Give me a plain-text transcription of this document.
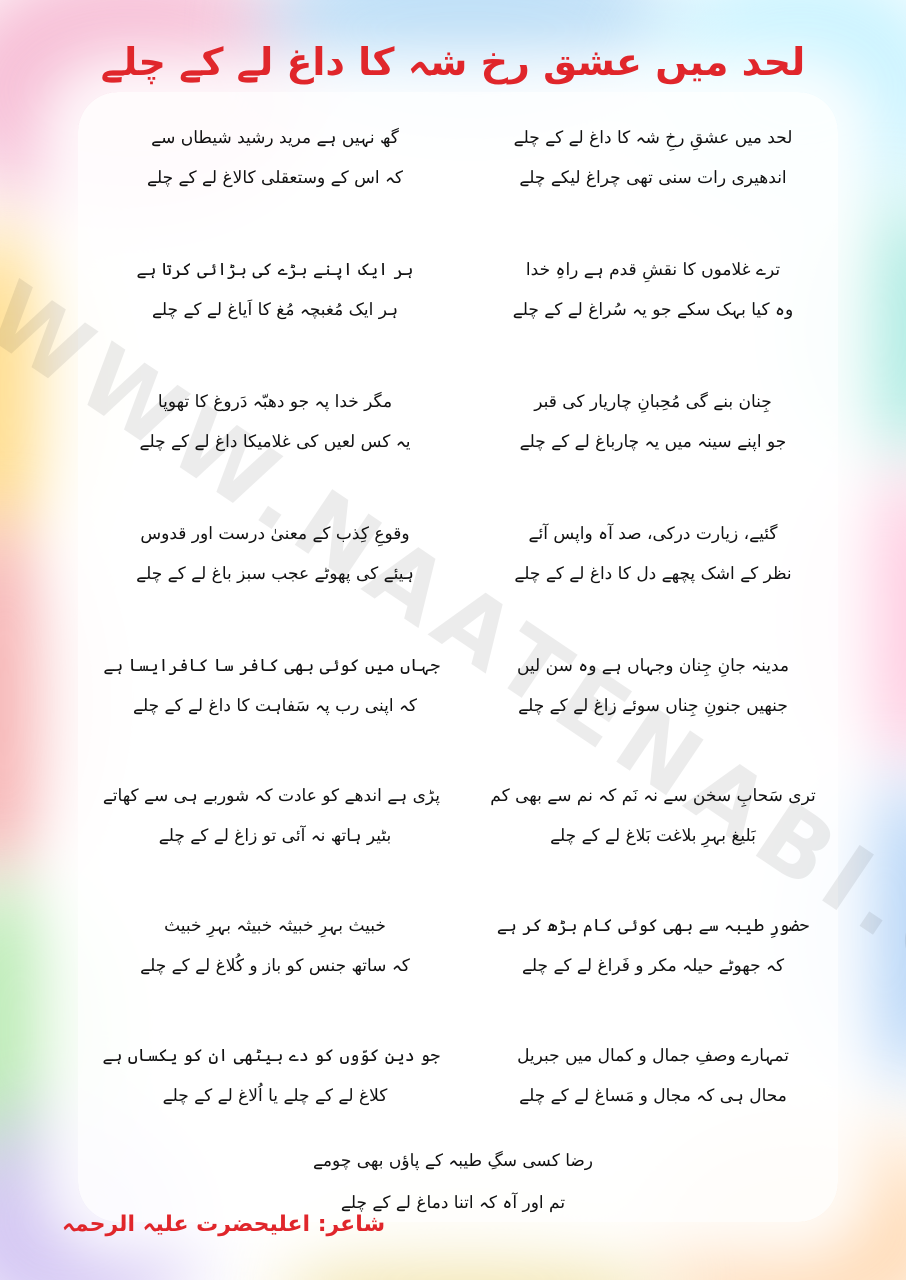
لحد میں عشق رخ شہ کا داغ لے کے چلے
لحد میں عشقِ رخِ شہ کا داغ لے کے چلے
اندھیری رات سنی تھی چراغ لیکے چلے
گھ نہیں ہے مرید رشید شیطاں سے
کہ اس کے وستعقلی کالاغ لے کے چلے
ترے غلاموں کا نقشِ قدم ہے راہِ خدا
وہ کیا بہک سکے جو یہ سُراغ لے کے چلے
ہر ایک اپنے بڑے کی بڑائی کرتا ہے
ہر ایک مُغبچہ مُغ کا اَیاغ لے کے چلے
جِنان بنے گی مُحِبانِ چاریار کی قبر
جو اپنے سینہ میں یہ چارباغ لے کے چلے
مگر خدا پہ جو دھبّہ دَروغ کا تھوپا
یہ کس لعیں کی غلامیکا داغ لے کے چلے
گئیے، زیارت درکی، صد آہ واپس آئے
نظر کے اشک پچھے دل کا داغ لے کے چلے
وقوعِ کِذب کے معنیٰ درست اور قدوس
ہیئے کی پھوٹے عجب سبز باغ لے کے چلے
مدینہ جانِ جِنان وجہاں ہے وہ سن لیں
جنھیں جنونِ جِناں سوئے زاغ لے کے چلے
جہاں میں کوئی بھی کافر سا کافرایسا ہے
کہ اپنی رب پہ سَفاہت کا داغ لے کے چلے
تری سَحابِ سخن سے نہ نَم کہ نم سے بھی کم
بَلیغ بہرِ بلاغت بَلاغ لے کے چلے
پڑی ہے اندھے کو عادت کہ شوربے ہی سے کھاتے
بٹیر ہاتھ نہ آئی تو زاغ لے کے چلے
حضورِ طیبہ سے بھی کوئی کام بڑھ کر ہے
کہ جھوٹے حیلہ مکر و فَراغ لے کے چلے
خبیث بہرِ خبیثہ خبیثہ بہرِ خبیث
کہ ساتھ جنس کو باز و کُلاغ لے کے چلے
تمہارے وصفِ جمال و کمال میں جبریل
محال ہی کہ مجال و مَساغ لے کے چلے
جو دین کوّوں کو دے بیٹھی ان کو یکساں ہے
کلاغ لے کے چلے یا اُلاغ لے کے چلے
رضا کسی سگِ طیبہ کے پاؤں بھی چومے
تم اور آہ کہ اتنا دماغ لے کے چلے
شاعر: اعلیحضرت علیہ الرحمہ
